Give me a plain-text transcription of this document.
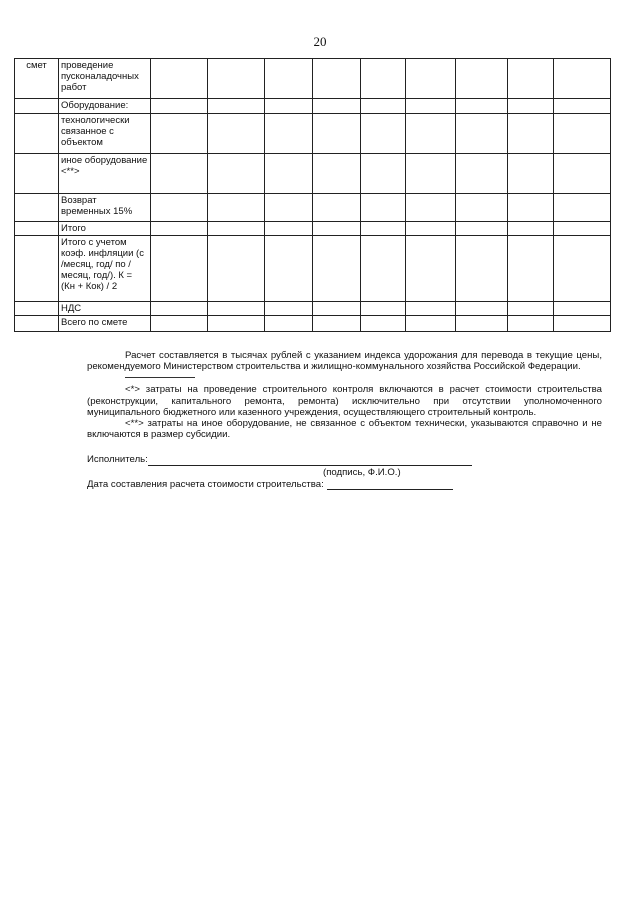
20
смет	проведение пусконаладочных работ									
	Оборудование:									
	технологически связанное с объектом									
	иное оборудование <**>									
	Возврат временных 15%									
	Итого									
	Итого с учетом коэф. инфляции (с /месяц, год/ по /месяц, год/). К = (Кн + Кок) / 2									
	НДС									
	Всего по смете									

Расчет составляется в тысячах рублей с указанием индекса удорожания для перевода в текущие цены, рекомендуемого Министерством строительства и жилищно-коммунального хозяйства Российской Федерации.

<*> затраты на проведение строительного контроля включаются в расчет стоимости строительства (реконструкции, капитального ремонта, ремонта) исключительно при отсутствии уполномоченного муниципального бюджетного или казенного учреждения, осуществляющего строительный контроль.

<**> затраты на иное оборудование, не связанное с объектом технически, указываются справочно и не включаются в размер субсидии.

Исполнитель:
(подпись, Ф.И.О.)
Дата составления расчета стоимости строительства:
